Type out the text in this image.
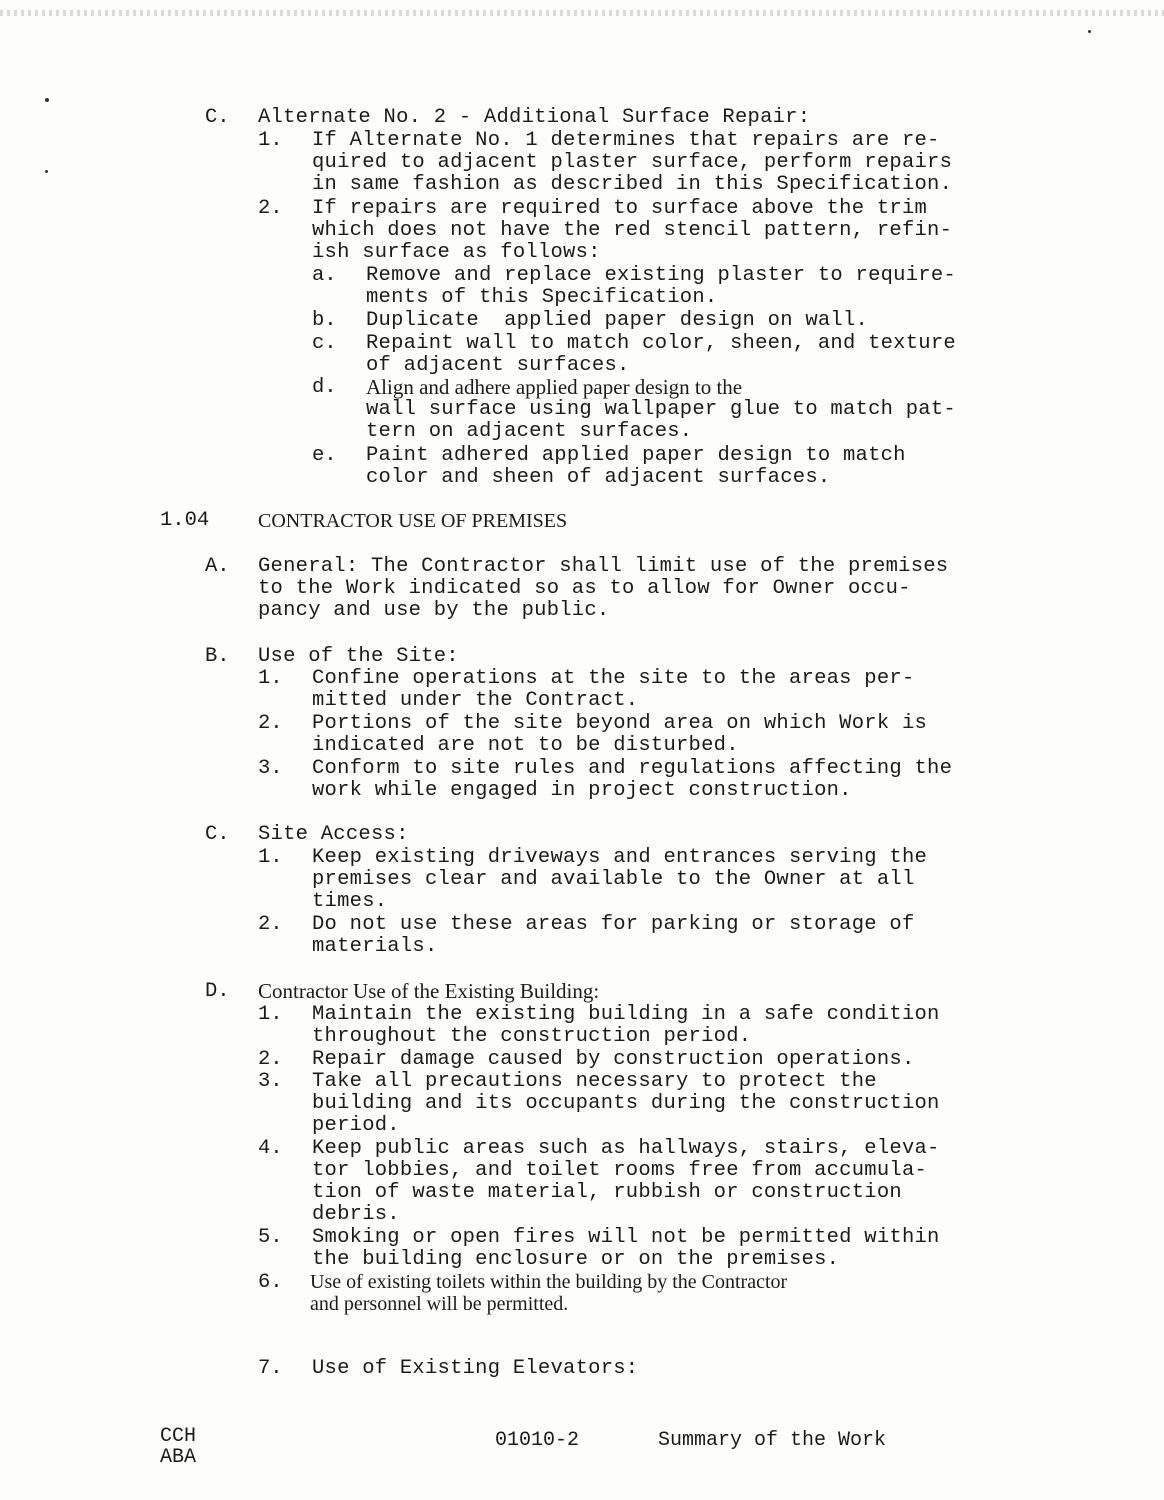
C. Alternate No. 2 - Additional Surface Repair:
1. If Alternate No. 1 determines that repairs are re-
quired to adjacent plaster surface, perform repairs
in same fashion as described in this Specification.
2. If repairs are required to surface above the trim
which does not have the red stencil pattern, refin-
ish surface as follows:
a. Remove and replace existing plaster to require-
ments of this Specification.
b. Duplicate  applied paper design on wall.
c. Repaint wall to match color, sheen, and texture
of adjacent surfaces.
d. Align and adhere applied paper design to the
wall surface using wallpaper glue to match pat-
tern on adjacent surfaces.
e. Paint adhered applied paper design to match
color and sheen of adjacent surfaces.
1.04 CONTRACTOR USE OF PREMISES
A. General: The Contractor shall limit use of the premises
to the Work indicated so as to allow for Owner occu-
pancy and use by the public.
B. Use of the Site:
1. Confine operations at the site to the areas per-
mitted under the Contract.
2. Portions of the site beyond area on which Work is
indicated are not to be disturbed.
3. Conform to site rules and regulations affecting the
work while engaged in project construction.
C. Site Access:
1. Keep existing driveways and entrances serving the
premises clear and available to the Owner at all
times.
2. Do not use these areas for parking or storage of
materials.
D. Contractor Use of the Existing Building:
1. Maintain the existing building in a safe condition
throughout the construction period.
2. Repair damage caused by construction operations.
3. Take all precautions necessary to protect the
building and its occupants during the construction
period.
4. Keep public areas such as hallways, stairs, eleva-
tor lobbies, and toilet rooms free from accumula-
tion of waste material, rubbish or construction
debris.
5. Smoking or open fires will not be permitted within
the building enclosure or on the premises.
6. Use of existing toilets within the building by the Contractor
and personnel will be permitted.
7. Use of Existing Elevators:
CCH
ABA
01010-2	Summary of the Work
